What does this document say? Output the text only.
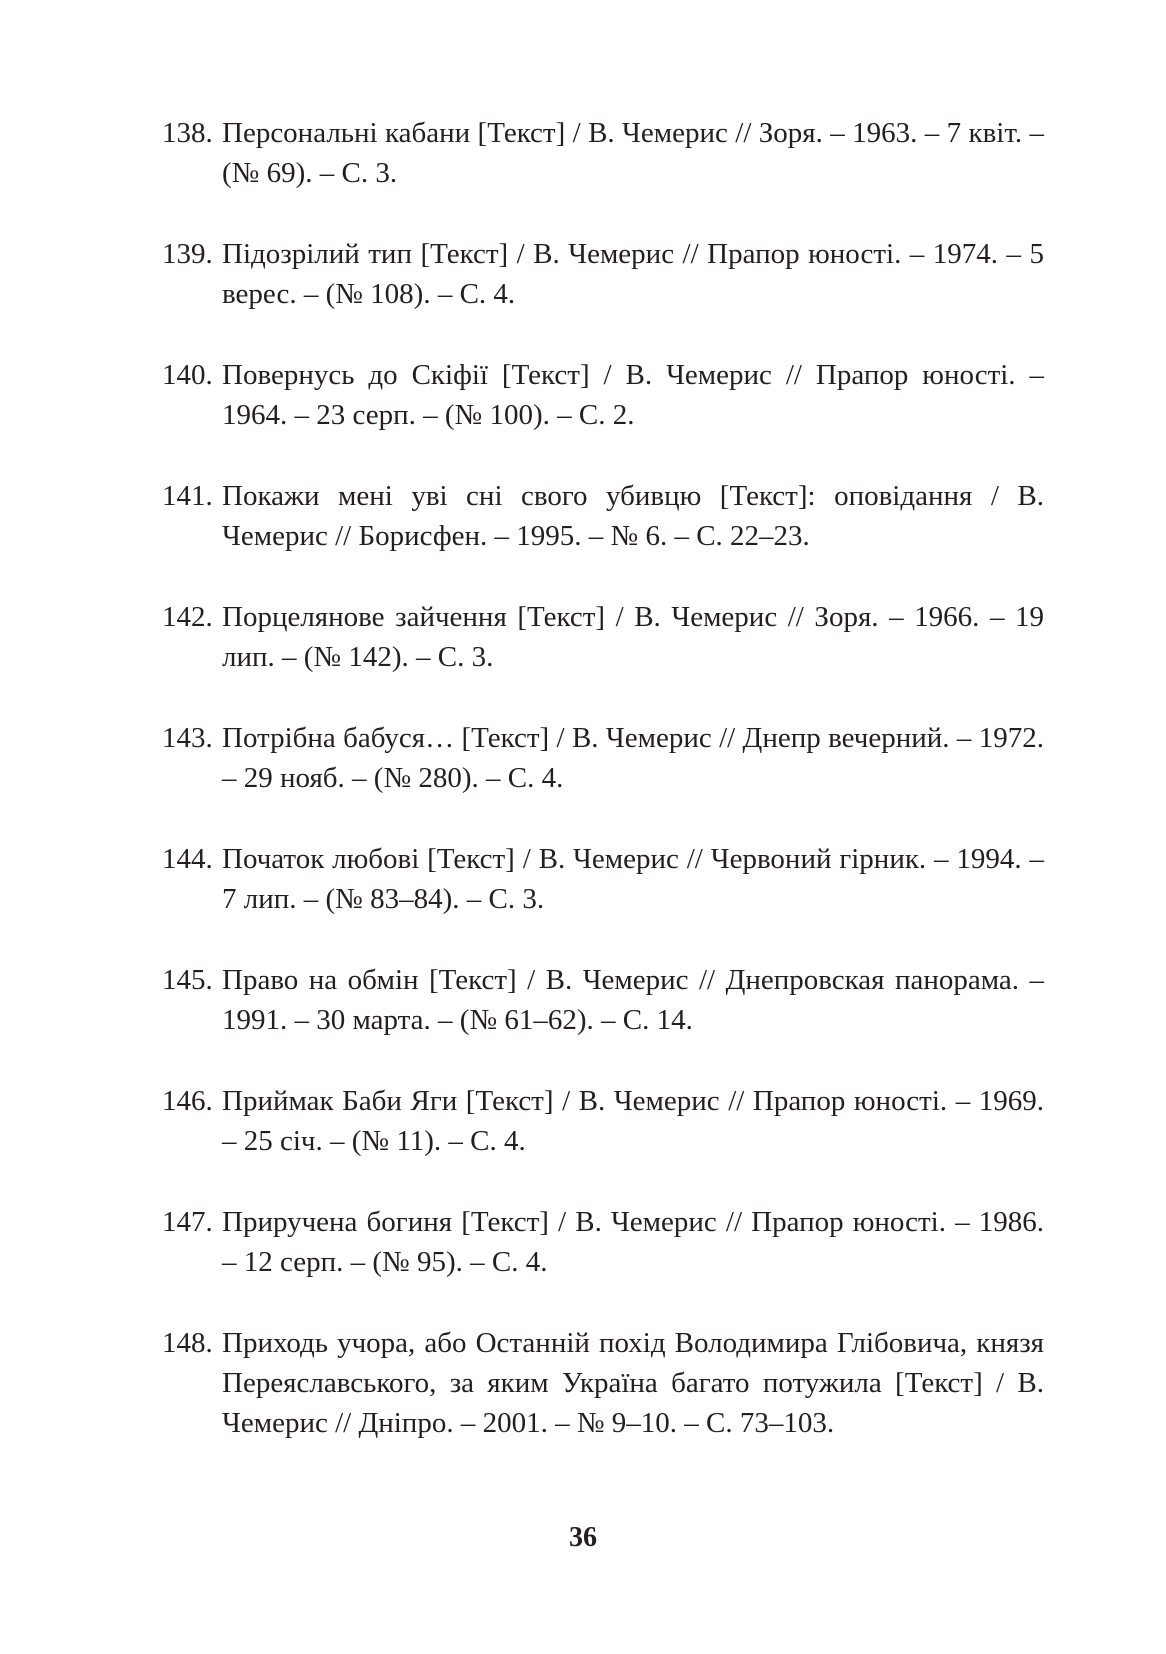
138. Персональні кабани [Текст] / В. Чемерис // Зоря. – 1963. – 7 квіт. – (№ 69). – С. 3.
139. Підозрілий тип [Текст] / В. Чемерис // Прапор юності. – 1974. – 5 верес. – (№ 108). – С. 4.
140. Повернусь до Скіфії [Текст] / В. Чемерис // Прапор юності. – 1964. – 23 серп. – (№ 100). – С. 2.
141. Покажи мені уві сні свого убивцю [Текст]: оповідання / В. Чемерис // Борисфен. – 1995. – № 6. – С. 22–23.
142. Порцелянове зайчення [Текст] / В. Чемерис // Зоря. – 1966. – 19 лип. – (№ 142). – С. 3.
143. Потрібна бабуся… [Текст] / В. Чемерис // Днепр вечерний. – 1972. – 29 нояб. – (№ 280). – С. 4.
144. Початок любові [Текст] / В. Чемерис // Червоний гірник. – 1994. – 7 лип. – (№ 83–84). – С. 3.
145. Право на обмін [Текст] / В. Чемерис // Днепровская панорама. – 1991. – 30 марта. – (№ 61–62). – С. 14.
146. Приймак Баби Яги [Текст] / В. Чемерис // Прапор юності. – 1969. – 25 січ. – (№ 11). – С. 4.
147. Приручена богиня [Текст] / В. Чемерис // Прапор юності. – 1986. – 12 серп. – (№ 95). – С. 4.
148. Приходь учора, або Останній похід Володимира Глібовича, князя Переяславського, за яким Україна багато потужила [Текст] / В. Чемерис // Дніпро. – 2001. – № 9–10. – С. 73–103.
36
